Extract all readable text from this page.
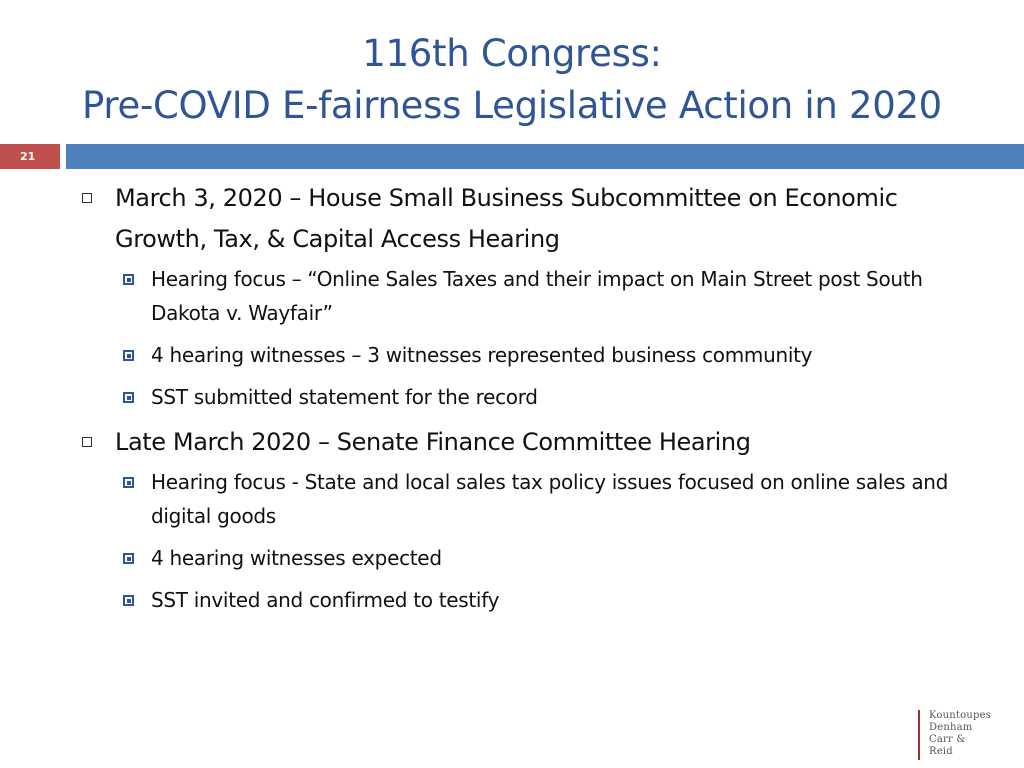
116th Congress:
Pre-COVID E-fairness Legislative Action in 2020
21
March 3, 2020 – House Small Business Subcommittee on Economic Growth, Tax, & Capital Access Hearing
Hearing focus – “Online Sales Taxes and their impact on Main Street post South Dakota v. Wayfair”
4 hearing witnesses – 3 witnesses represented business community
SST submitted statement for the record
Late March 2020 – Senate Finance Committee Hearing
Hearing focus - State and local sales tax policy issues focused on online sales and digital goods
4 hearing witnesses expected
SST invited and confirmed to testify
Kountoupes
Denham
Carr &
Reid
